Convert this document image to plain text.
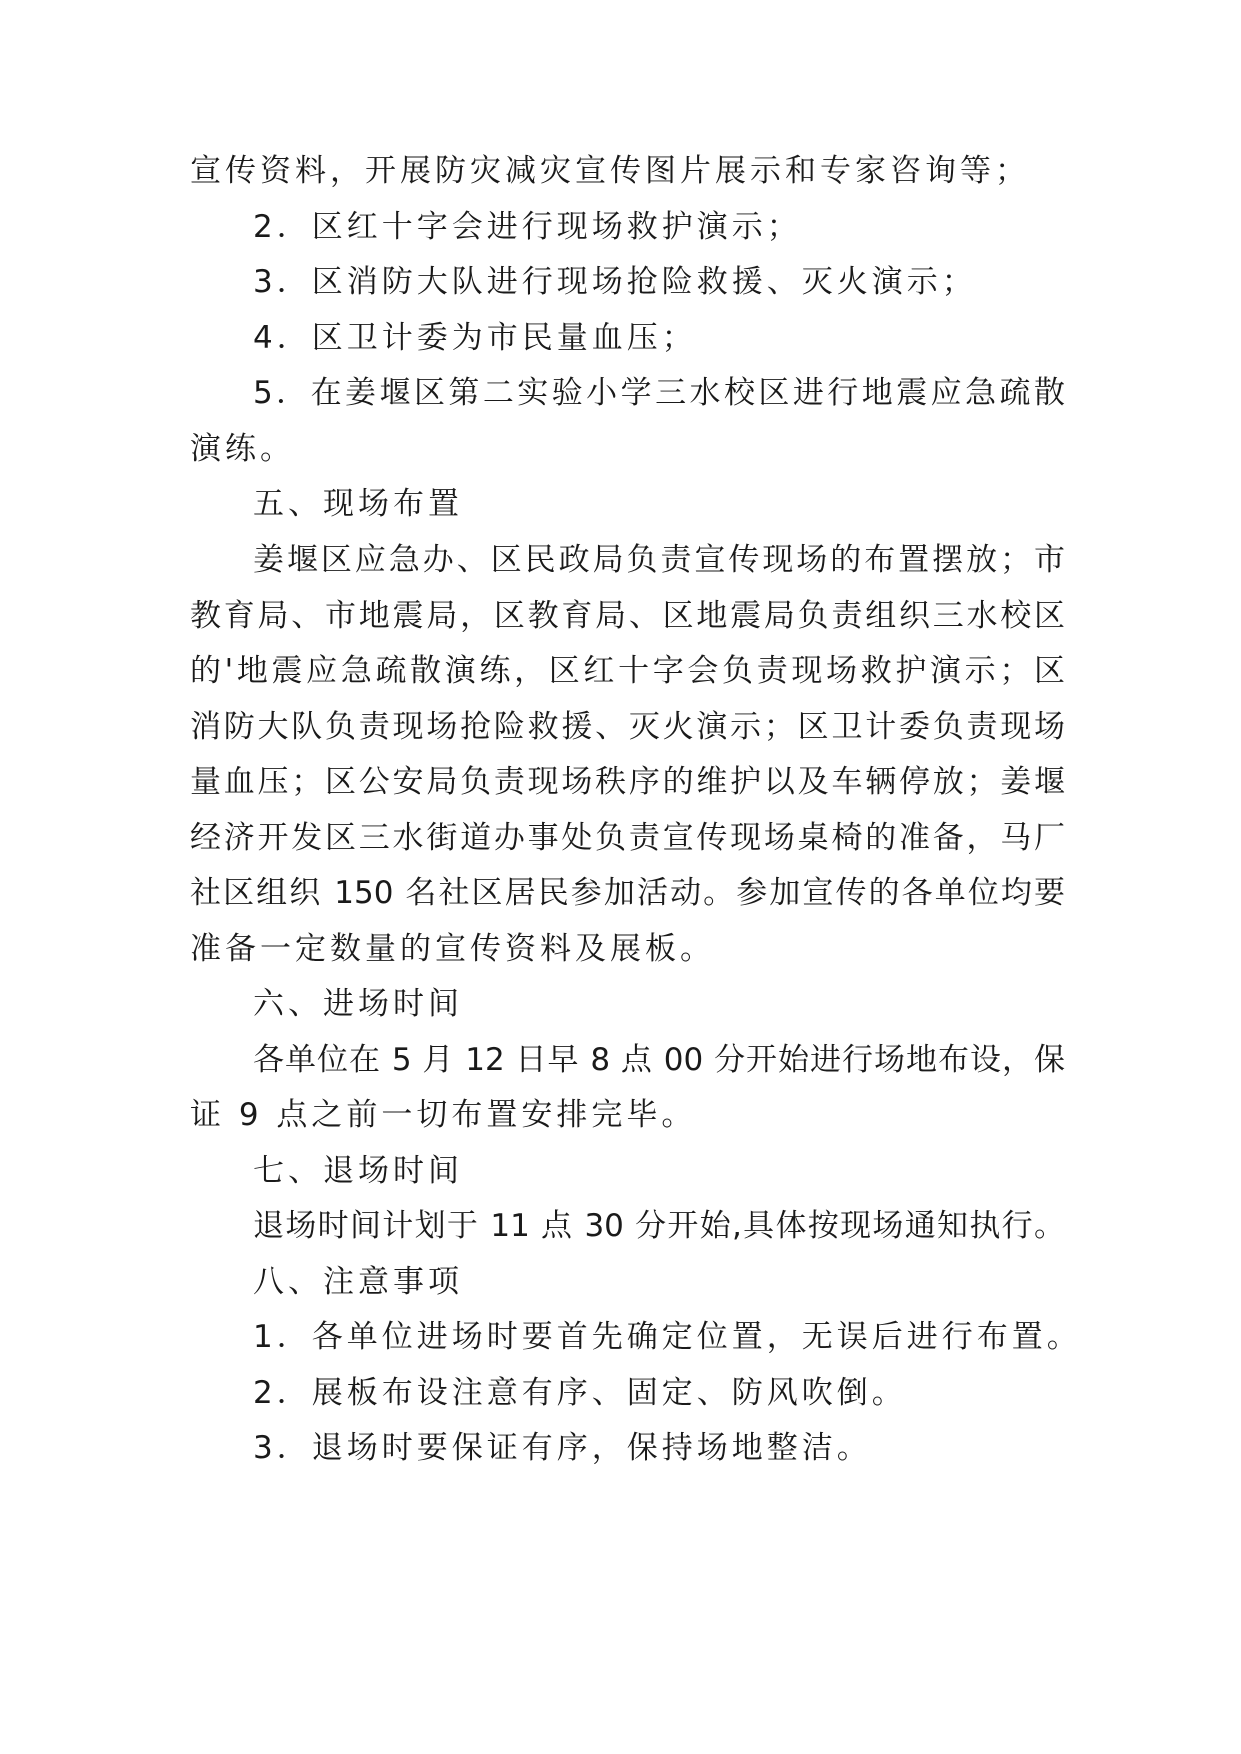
宣传资料，开展防灾减灾宣传图片展示和专家咨询等；
2．区红十字会进行现场救护演示；
3．区消防大队进行现场抢险救援、灭火演示；
4．区卫计委为市民量血压；
5．在姜堰区第二实验小学三水校区进行地震应急疏散
演练。
五、现场布置
姜堰区应急办、区民政局负责宣传现场的布置摆放；市
教育局、市地震局，区教育局、区地震局负责组织三水校区
的'地震应急疏散演练，区红十字会负责现场救护演示；区
消防大队负责现场抢险救援、灭火演示；区卫计委负责现场
量血压；区公安局负责现场秩序的维护以及车辆停放；姜堰
经济开发区三水街道办事处负责宣传现场桌椅的准备，马厂
社区组织 150 名社区居民参加活动。参加宣传的各单位均要
准备一定数量的宣传资料及展板。
六、进场时间
各单位在 5 月 12 日早 8 点 00 分开始进行场地布设，保
证 9 点之前一切布置安排完毕。
七、退场时间
退场时间计划于 11 点 30 分开始,具体按现场通知执行。
八、注意事项
1．各单位进场时要首先确定位置，无误后进行布置。
2．展板布设注意有序、固定、防风吹倒。
3．退场时要保证有序，保持场地整洁。
